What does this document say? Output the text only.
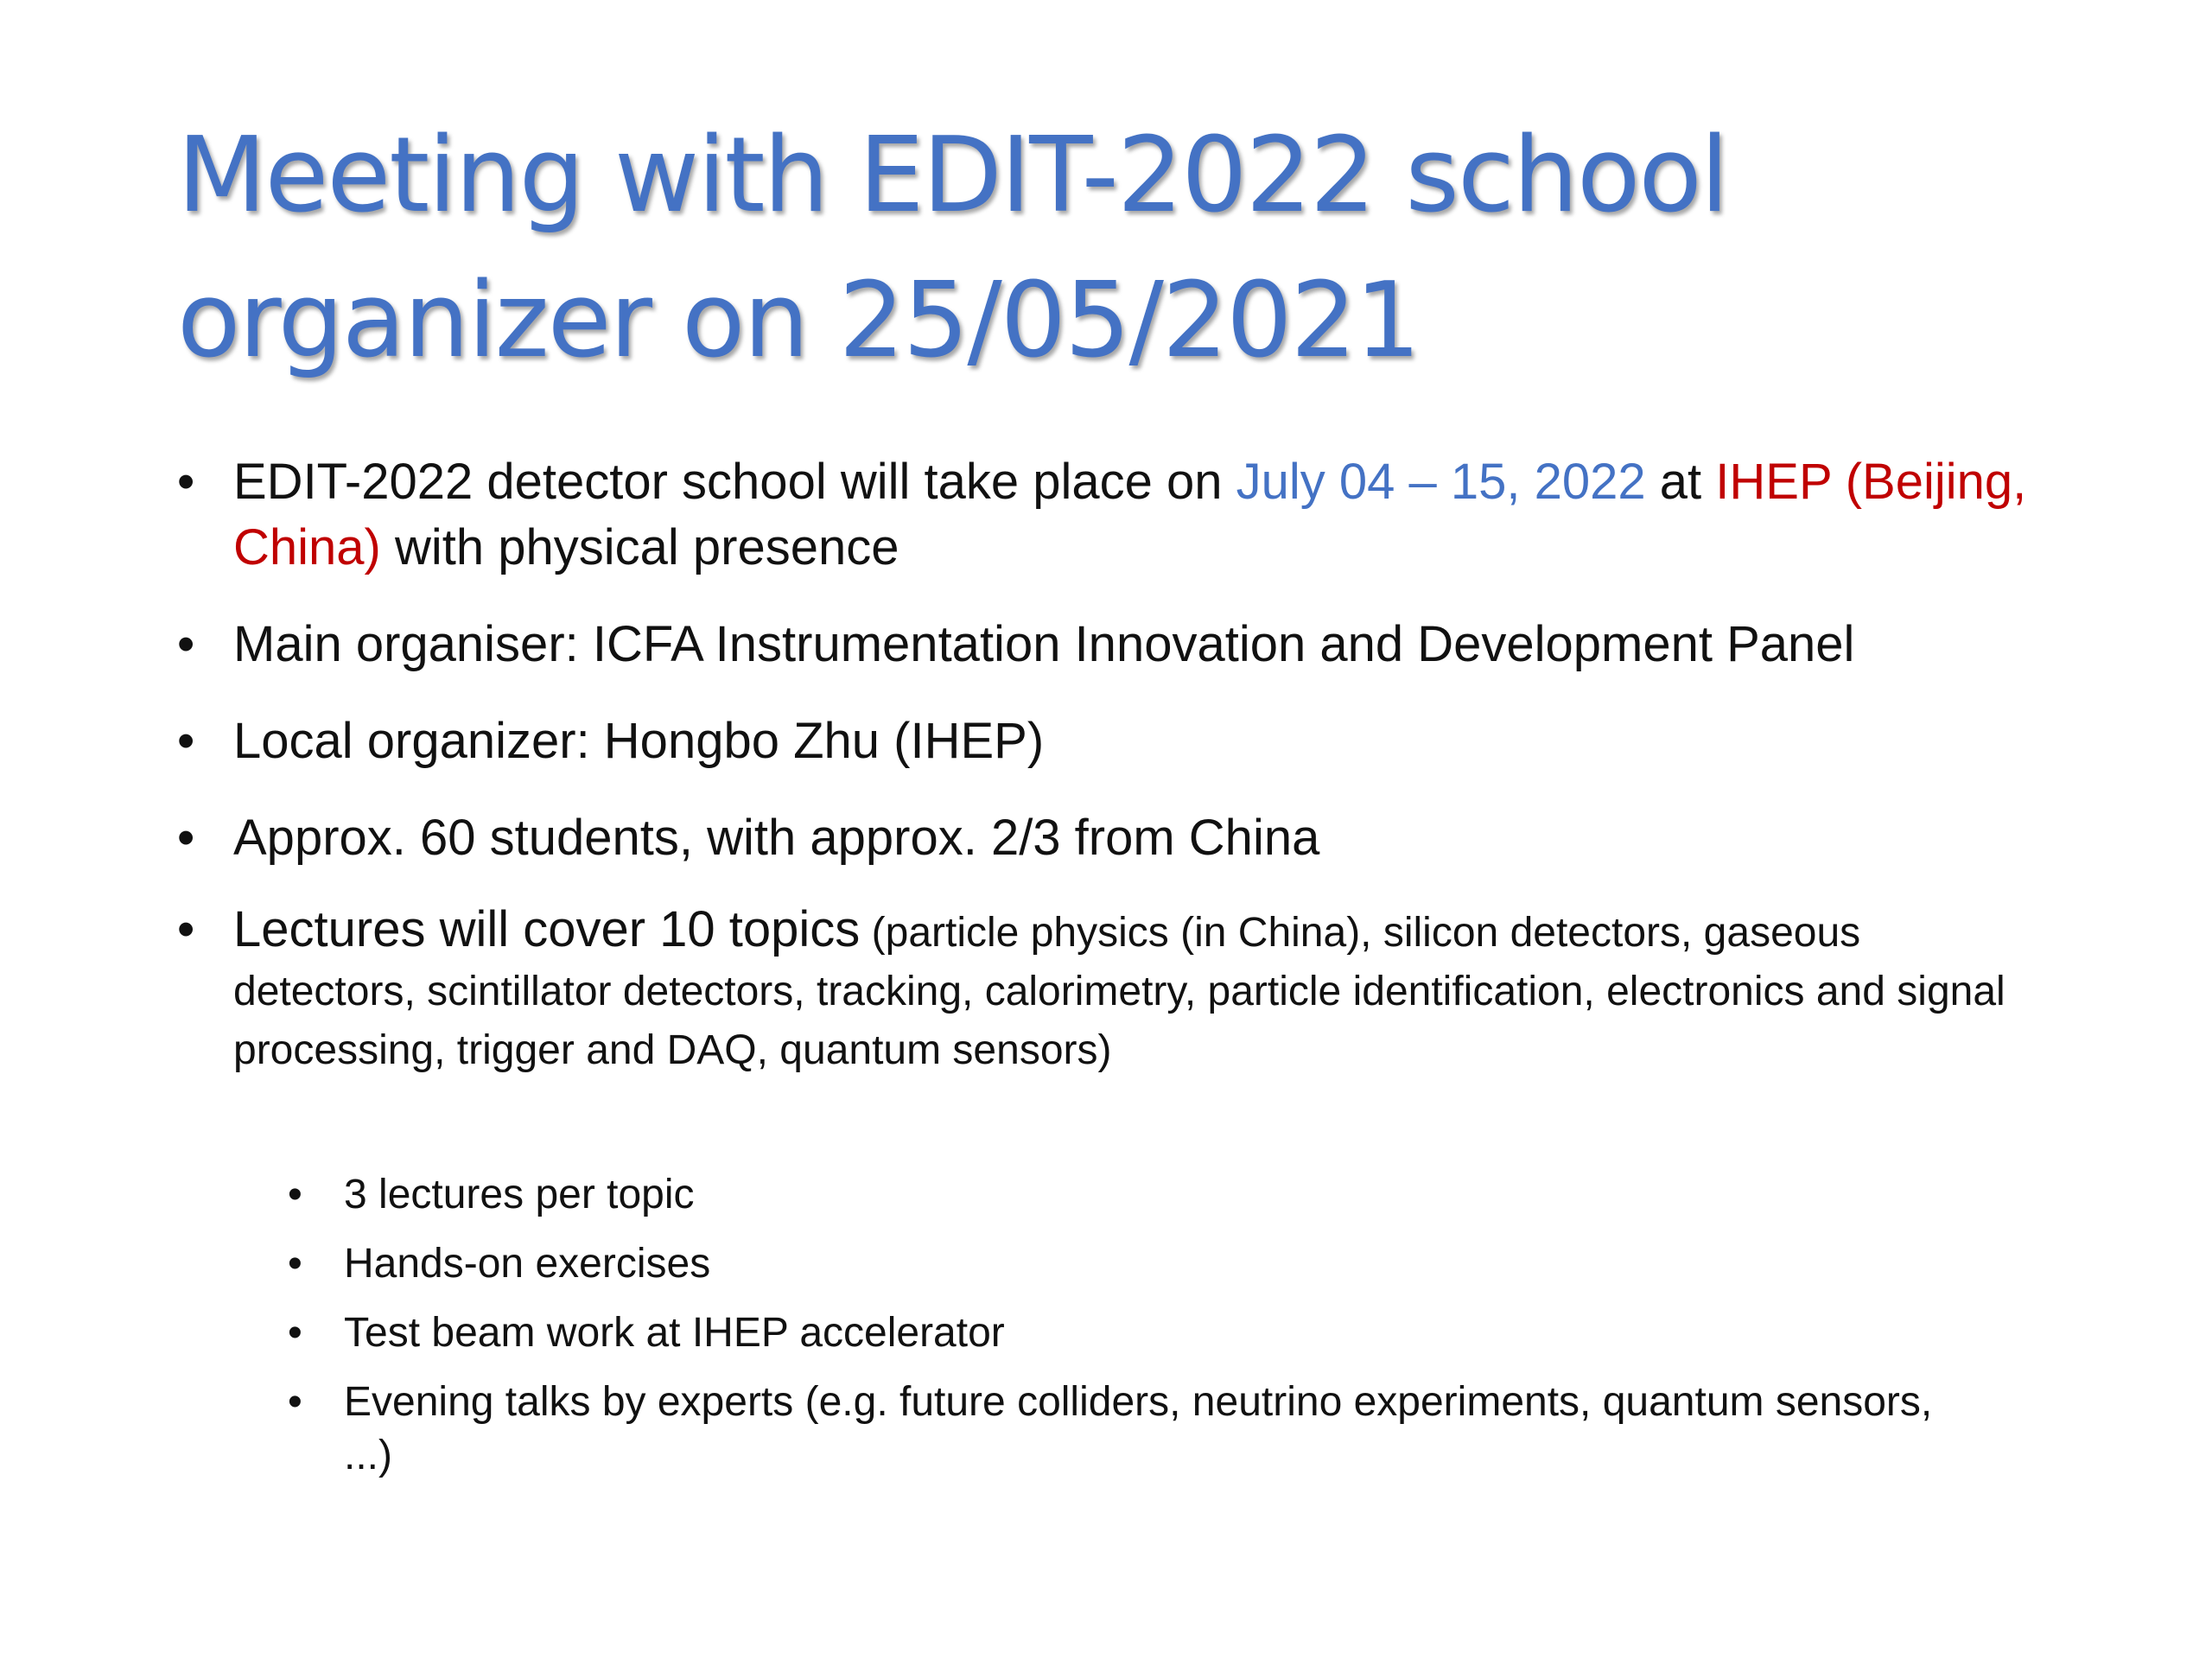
Meeting with EDIT-2022 school organizer on 25/05/2021
• EDIT-2022 detector school will take place on July 04 – 15, 2022 at IHEP (Beijing, China) with physical presence
• Main organiser: ICFA Instrumentation Innovation and Development Panel
• Local organizer: Hongbo Zhu (IHEP)
• Approx. 60 students, with approx. 2/3 from China
• Lectures will cover 10 topics (particle physics (in China), silicon detectors, gaseous detectors, scintillator detectors, tracking, calorimetry, particle identification, electronics and signal processing, trigger and DAQ, quantum sensors)
• 3 lectures per topic
• Hands-on exercises
• Test beam work at IHEP accelerator
• Evening talks by experts (e.g. future colliders, neutrino experiments, quantum sensors, ...)
